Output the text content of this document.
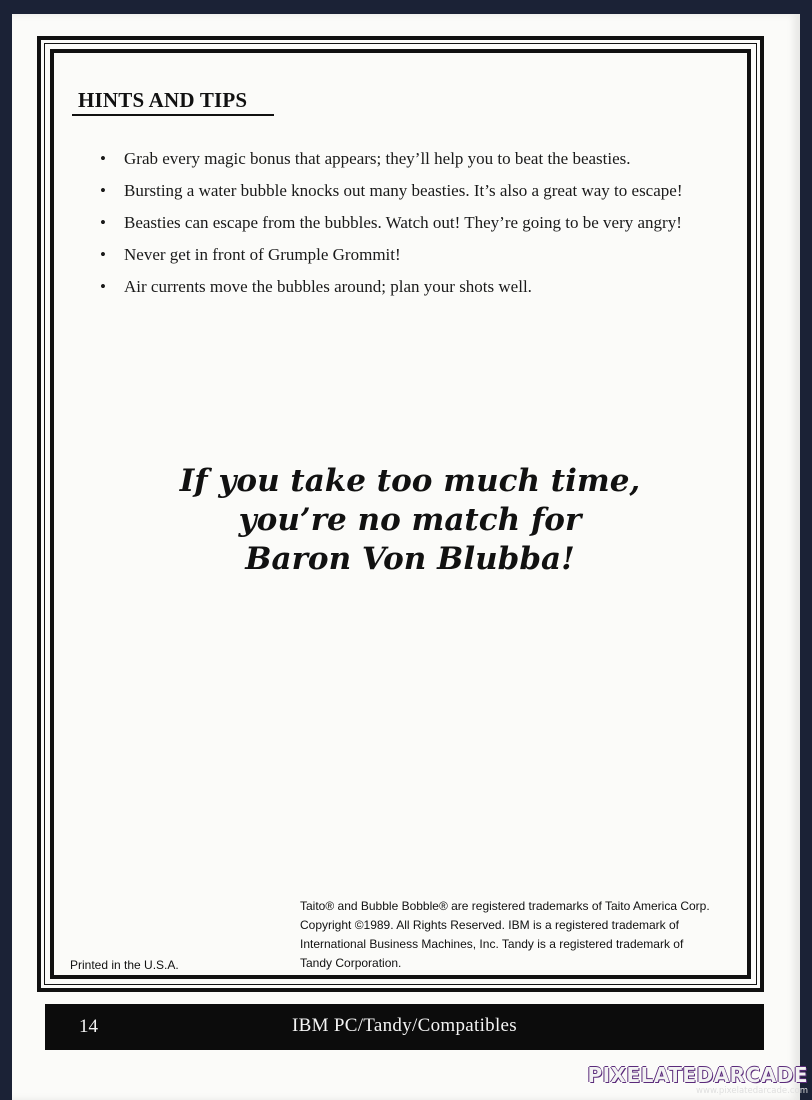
HINTS AND TIPS
• Grab every magic bonus that appears; they’ll help you to beat the beasties.
• Bursting a water bubble knocks out many beasties. It’s also a great way to escape!
• Beasties can escape from the bubbles. Watch out! They’re going to be very angry!
• Never get in front of Grumple Grommit!
• Air currents move the bubbles around; plan your shots well.
If you take too much time,
you’re no match for
Baron Von Blubba!
Printed in the U.S.A.
Taito® and Bubble Bobble® are registered trademarks of Taito America Corp.
Copyright ©1989. All Rights Reserved. IBM is a registered trademark of
International Business Machines, Inc. Tandy is a registered trademark of
Tandy Corporation.
14	IBM PC/Tandy/Compatibles
PIXELATEDARCADE
www.pixelatedarcade.com
